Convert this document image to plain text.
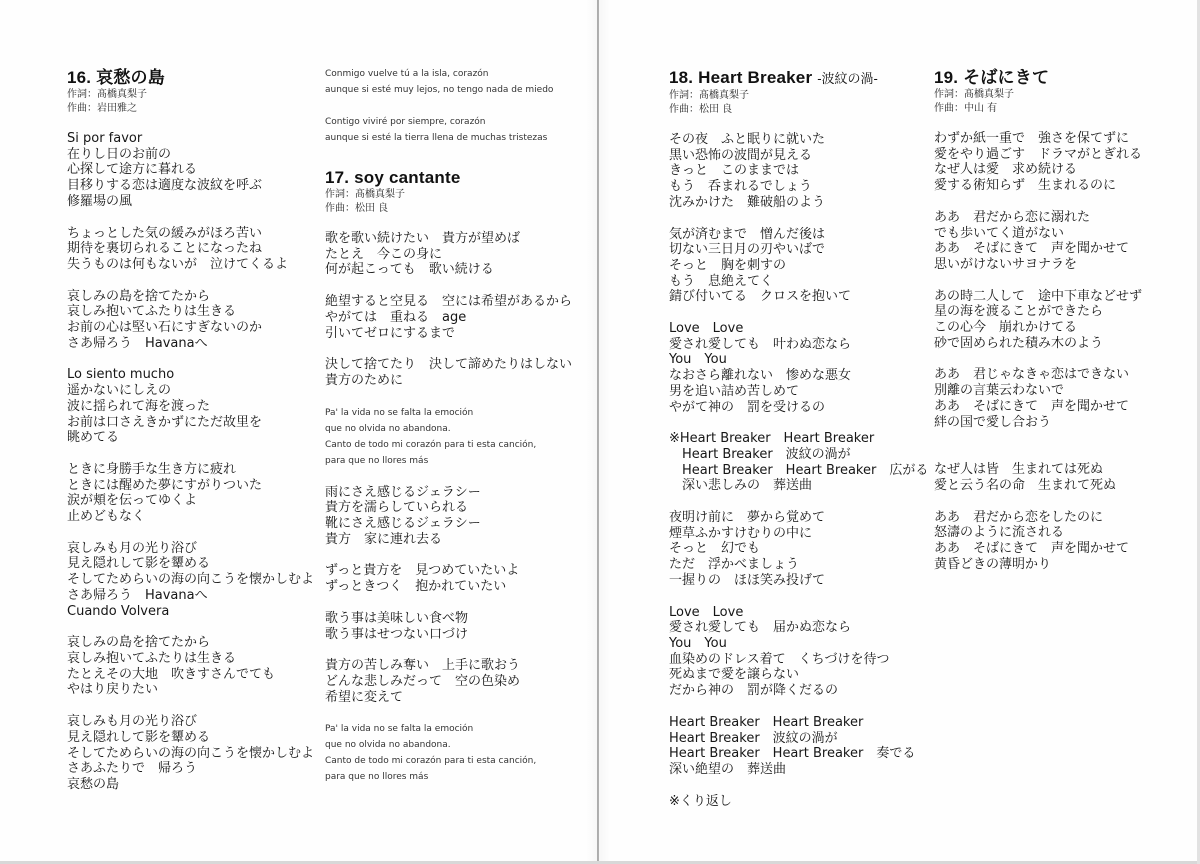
16. 哀愁の島
作詞：髙橋真梨子
作曲：岩田雅之
Si por favor
在りし日のお前の
心探して途方に暮れる
目移りする恋は適度な波紋を呼ぶ
修羅場の風
ちょっとした気の緩みがほろ苦い
期待を裏切られることになったね
失うものは何もないが　泣けてくるよ
哀しみの島を捨てたから
哀しみ抱いてふたりは生きる
お前の心は堅い石にすぎないのか
さあ帰ろう　Havanaへ
Lo siento mucho
遥かないにしえの
波に揺られて海を渡った
お前は口さえきかずにただ故里を
眺めてる
ときに身勝手な生き方に疲れ
ときには醒めた夢にすがりついた
涙が頬を伝ってゆくよ
止めどもなく
哀しみも月の光り浴び
見え隠れして影を顰める
そしてためらいの海の向こうを懐かしむよ
さあ帰ろう　Havanaへ
Cuando Volvera
哀しみの島を捨てたから
哀しみ抱いてふたりは生きる
たとえその大地　吹きすさんでても
やはり戻りたい
哀しみも月の光り浴び
見え隠れして影を顰める
そしてためらいの海の向こうを懐かしむよ
さあふたりで　帰ろう
哀愁の島
Conmigo vuelve tú a la isla, corazón
aunque si esté muy lejos, no tengo nada de miedo
Contigo viviré por siempre, corazón
aunque si esté la tierra llena de muchas tristezas
17. soy cantante
作詞：髙橋真梨子
作曲：松田 良
歌を歌い続けたい　貴方が望めば
たとえ　今この身に
何が起こっても　歌い続ける
絶望すると空見る　空には希望があるから
やがては　重ねる　age
引いてゼロにするまで
決して捨てたり　決して諦めたりはしない
貴方のために
Pa' la vida no se falta la emoción
que no olvida no abandona.
Canto de todo mi corazón para ti esta canción,
para que no llores más
雨にさえ感じるジェラシー
貴方を濡らしていられる
靴にさえ感じるジェラシー
貴方　家に連れ去る
ずっと貴方を　見つめていたいよ
ずっときつく　抱かれていたい
歌う事は美味しい食べ物
歌う事はせつない口づけ
貴方の苦しみ奪い　上手に歌おう
どんな悲しみだって　空の色染め
希望に変えて
Pa' la vida no se falta la emoción
que no olvida no abandona.
Canto de todo mi corazón para ti esta canción,
para que no llores más
18. Heart Breaker -波紋の渦-
作詞：髙橋真梨子
作曲：松田 良
その夜　ふと眠りに就いた
黒い恐怖の波間が見える
きっと　このままでは
もう　呑まれるでしょう
沈みかけた　難破船のよう
気が済むまで　憎んだ後は
切ない三日月の刃やいばで
そっと　胸を刺すの
もう　息絶えてく
錆び付いてる　クロスを抱いて
Love　Love
愛され愛しても　叶わぬ恋なら
You　You
なおさら離れない　惨めな悪女
男を追い詰め苦しめて
やがて神の　罰を受けるの
※Heart Breaker　Heart Breaker
　Heart Breaker　波紋の渦が
　Heart Breaker　Heart Breaker　広がる
　深い悲しみの　葬送曲
夜明け前に　夢から覚めて
煙草ふかすけむりの中に
そっと　幻でも
ただ　浮かべましょう
一握りの　ほほ笑み投げて
Love　Love
愛され愛しても　届かぬ恋なら
You　You
血染めのドレス着て　くちづけを待つ
死ぬまで愛を譲らない
だから神の　罰が降くだるの
Heart Breaker　Heart Breaker
Heart Breaker　波紋の渦が
Heart Breaker　Heart Breaker　奏でる
深い絶望の　葬送曲
※くり返し
19. そばにきて
作詞：髙橋真梨子
作曲：中山 有
わずか紙一重で　強さを保てずに
愛をやり過ごす　ドラマがとぎれる
なぜ人は愛　求め続ける
愛する術知らず　生まれるのに
ああ　君だから恋に溺れた
でも歩いてく道がない
ああ　そばにきて　声を聞かせて
思いがけないサヨナラを
あの時二人して　途中下車などせず
星の海を渡ることができたら
この心今　崩れかけてる
砂で固められた積み木のよう
ああ　君じゃなきゃ恋はできない
別離の言葉云わないで
ああ　そばにきて　声を聞かせて
絆の国で愛し合おう
なぜ人は皆　生まれては死ぬ
愛と云う名の命　生まれて死ぬ
ああ　君だから恋をしたのに
怒濤のように流される
ああ　そばにきて　声を聞かせて
黄昏どきの薄明かり
